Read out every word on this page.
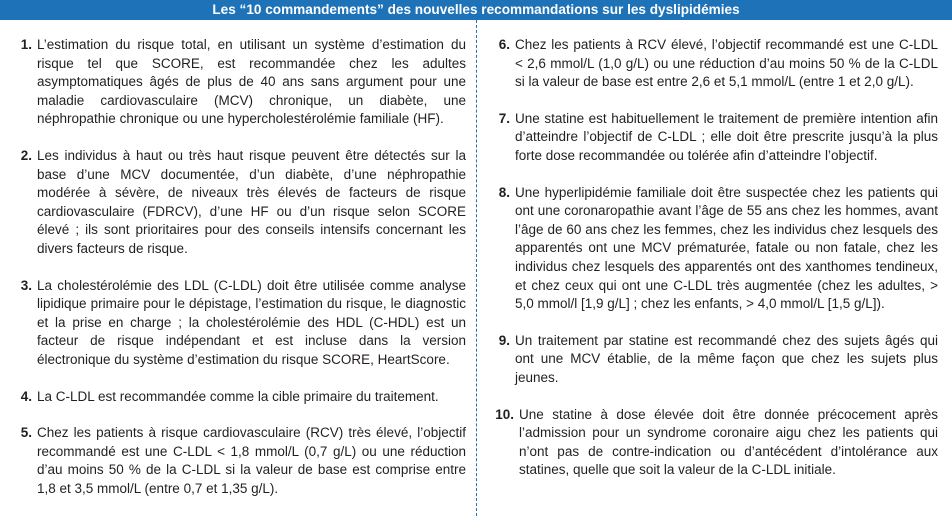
Les “10 commandements” des nouvelles recommandations sur les dyslipidémies
1. L’estimation du risque total, en utilisant un système d’estimation du risque tel que SCORE, est recommandée chez les adultes asymptomatiques âgés de plus de 40 ans sans argument pour une maladie cardiovasculaire (MCV) chronique, un diabète, une néphropathie chronique ou une hypercholestérolémie familiale (HF).
2. Les individus à haut ou très haut risque peuvent être détectés sur la base d’une MCV documentée, d’un diabète, d’une néphropathie modérée à sévère, de niveaux très élevés de facteurs de risque cardiovasculaire (FDRCV), d’une HF ou d’un risque selon SCORE élevé ; ils sont prioritaires pour des conseils intensifs concernant les divers facteurs de risque.
3. La cholestérolémie des LDL (C-LDL) doit être utilisée comme analyse lipidique primaire pour le dépistage, l’estimation du risque, le diagnostic et la prise en charge ; la cholestérolémie des HDL (C-HDL) est un facteur de risque indépendant et est incluse dans la version électronique du système d’estimation du risque SCORE, HeartScore.
4. La C-LDL est recommandée comme la cible primaire du traitement.
5. Chez les patients à risque cardiovasculaire (RCV) très élevé, l’objectif recommandé est une C-LDL < 1,8 mmol/L (0,7 g/L) ou une réduction d’au moins 50 % de la C-LDL si la valeur de base est comprise entre 1,8 et 3,5 mmol/L (entre 0,7 et 1,35 g/L).
6. Chez les patients à RCV élevé, l’objectif recommandé est une C-LDL < 2,6 mmol/L (1,0 g/L) ou une réduction d’au moins 50 % de la C-LDL si la valeur de base est entre 2,6 et 5,1 mmol/L (entre 1 et 2,0 g/L).
7. Une statine est habituellement le traitement de première intention afin d’atteindre l’objectif de C-LDL ; elle doit être prescrite jusqu’à la plus forte dose recommandée ou tolérée afin d’atteindre l’objectif.
8. Une hyperlipidémie familiale doit être suspectée chez les patients qui ont une coronaropathie avant l’âge de 55 ans chez les hommes, avant l’âge de 60 ans chez les femmes, chez les individus chez lesquels des apparentés ont une MCV prématurée, fatale ou non fatale, chez les individus chez lesquels des apparentés ont des xanthomes tendineux, et chez ceux qui ont une C-LDL très augmentée (chez les adultes, > 5,0 mmol/l [1,9 g/L] ; chez les enfants, > 4,0 mmol/L [1,5 g/L]).
9. Un traitement par statine est recommandé chez des sujets âgés qui ont une MCV établie, de la même façon que chez les sujets plus jeunes.
10. Une statine à dose élevée doit être donnée précocement après l’admission pour un syndrome coronaire aigu chez les patients qui n’ont pas de contre-indication ou d’antécédent d’intolérance aux statines, quelle que soit la valeur de la C-LDL initiale.
